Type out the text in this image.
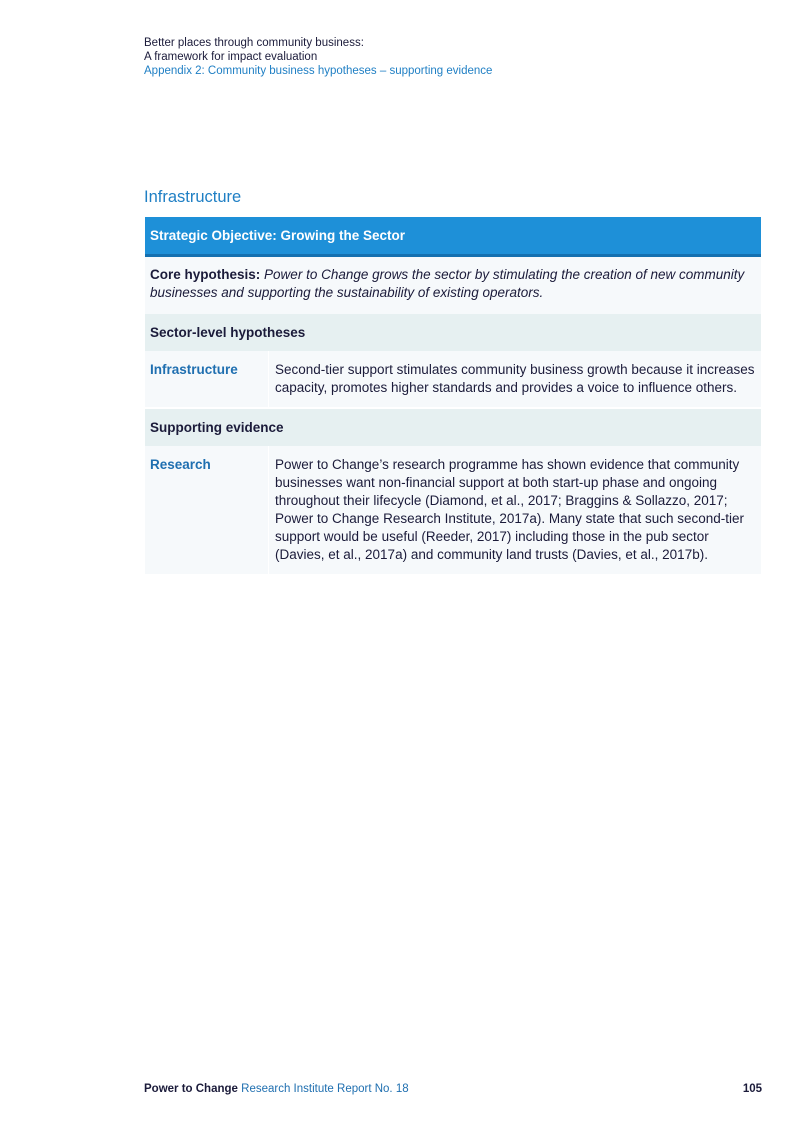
Better places through community business:
A framework for impact evaluation
Appendix 2: Community business hypotheses – supporting evidence
Infrastructure
Strategic Objective: Growing the Sector
Core hypothesis: Power to Change grows the sector by stimulating the creation of new community businesses and supporting the sustainability of existing operators.
Sector-level hypotheses
Infrastructure	Second-tier support stimulates community business growth because it increases capacity, promotes higher standards and provides a voice to influence others.
Supporting evidence
Research	Power to Change’s research programme has shown evidence that community businesses want non-financial support at both start-up phase and ongoing throughout their lifecycle (Diamond, et al., 2017; Braggins & Sollazzo, 2017; Power to Change Research Institute, 2017a). Many state that such second-tier support would be useful (Reeder, 2017) including those in the pub sector (Davies, et al., 2017a) and community land trusts (Davies, et al., 2017b).
Power to Change Research Institute Report No. 18	105
